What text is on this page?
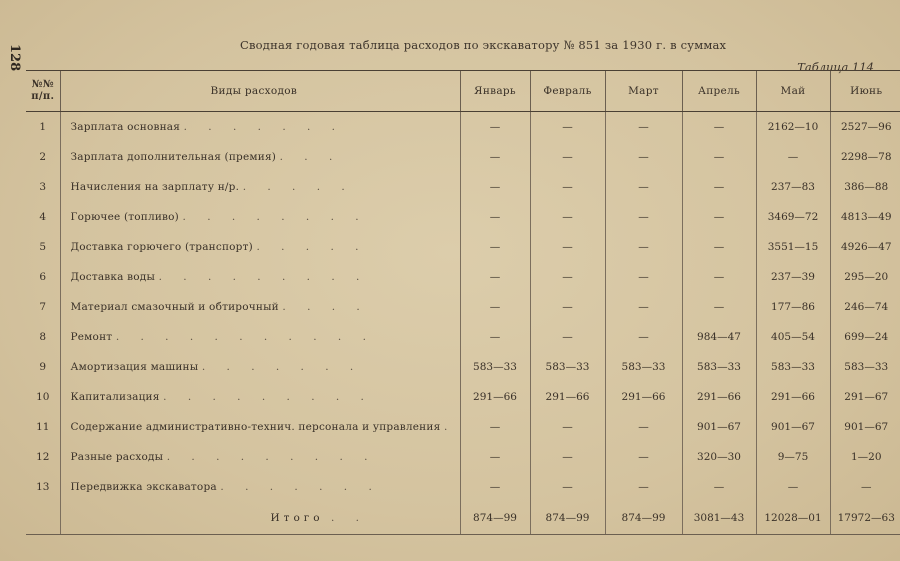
128	Сводная годовая таблица расходов по экскаватору № 851 за 1930 г. в суммах
Таблица 114
№№ п/п.	Виды расходов	Январь	Февраль	Март	Апрель	Май	Июнь
1	Зарплата основная . . . . . . .	—	—	—	—	2162—10	2527—96
2	Зарплата дополнительная (премия) . . .	—	—	—	—	—	2298—78
3	Начисления на зарплату н/р. . . . . .	—	—	—	—	237—83	386—88
4	Горючее (топливо) . . . . . . . .	—	—	—	—	3469—72	4813—49
5	Доставка горючего (транспорт) . . . . .	—	—	—	—	3551—15	4926—47
6	Доставка воды . . . . . . . . .	—	—	—	—	237—39	295—20
7	Материал смазочный и обтирочный . . . .	—	—	—	—	177—86	246—74
8	Ремонт . . . . . . . . . . .	—	—	—	984—47	405—54	699—24
9	Амортизация машины . . . . . . .	583—33	583—33	583—33	583—33	583—33	583—33
10	Капитализация . . . . . . . . .	291—66	291—66	291—66	291—66	291—66	291—67
11	Содержание административно-технич. персонала и управления .	—	—	—	901—67	901—67	901—67
12	Разные расходы . . . . . . . . .	—	—	—	320—30	9—75	1—20
13	Передвижка экскаватора . . . . . . .	—	—	—	—	—	—
	Итого . .	874—99	874—99	874—99	3081—43	12028—01	17972—63
